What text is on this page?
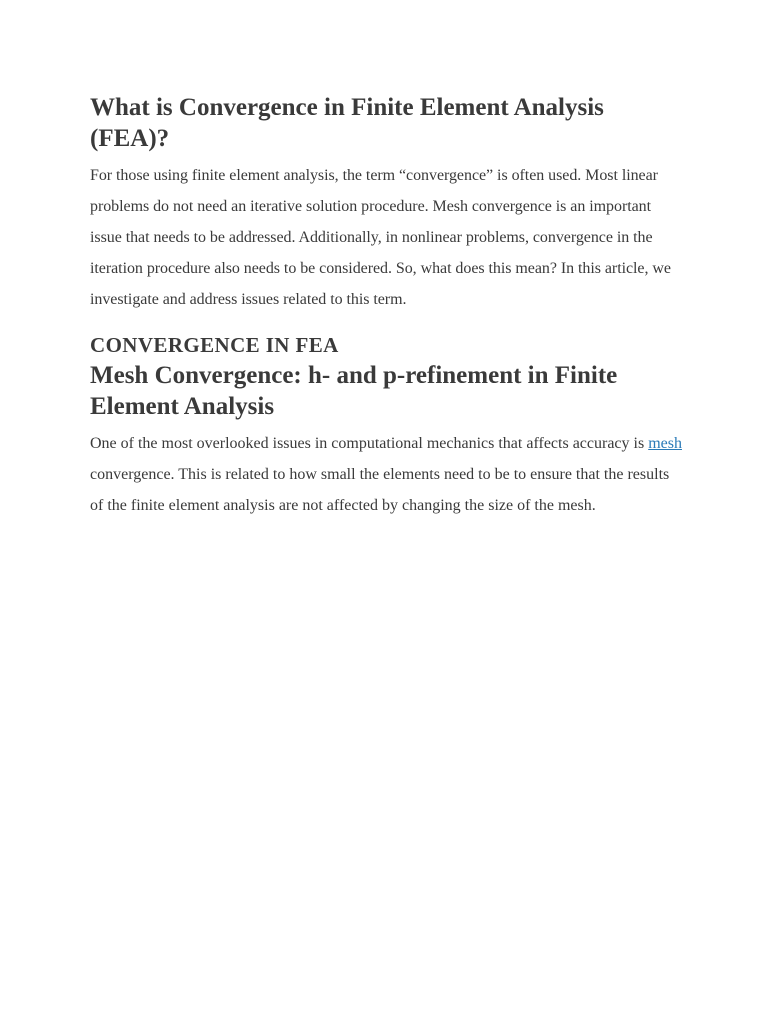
What is Convergence in Finite Element Analysis (FEA)?

For those using finite element analysis, the term “convergence” is often used. Most linear problems do not need an iterative solution procedure. Mesh convergence is an important issue that needs to be addressed. Additionally, in nonlinear problems, convergence in the iteration procedure also needs to be considered. So, what does this mean? In this article, we investigate and address issues related to this term.

CONVERGENCE IN FEA
Mesh Convergence: h- and p-refinement in Finite Element Analysis

One of the most overlooked issues in computational mechanics that affects accuracy is mesh convergence. This is related to how small the elements need to be to ensure that the results of the finite element analysis are not affected by changing the size of the mesh.
